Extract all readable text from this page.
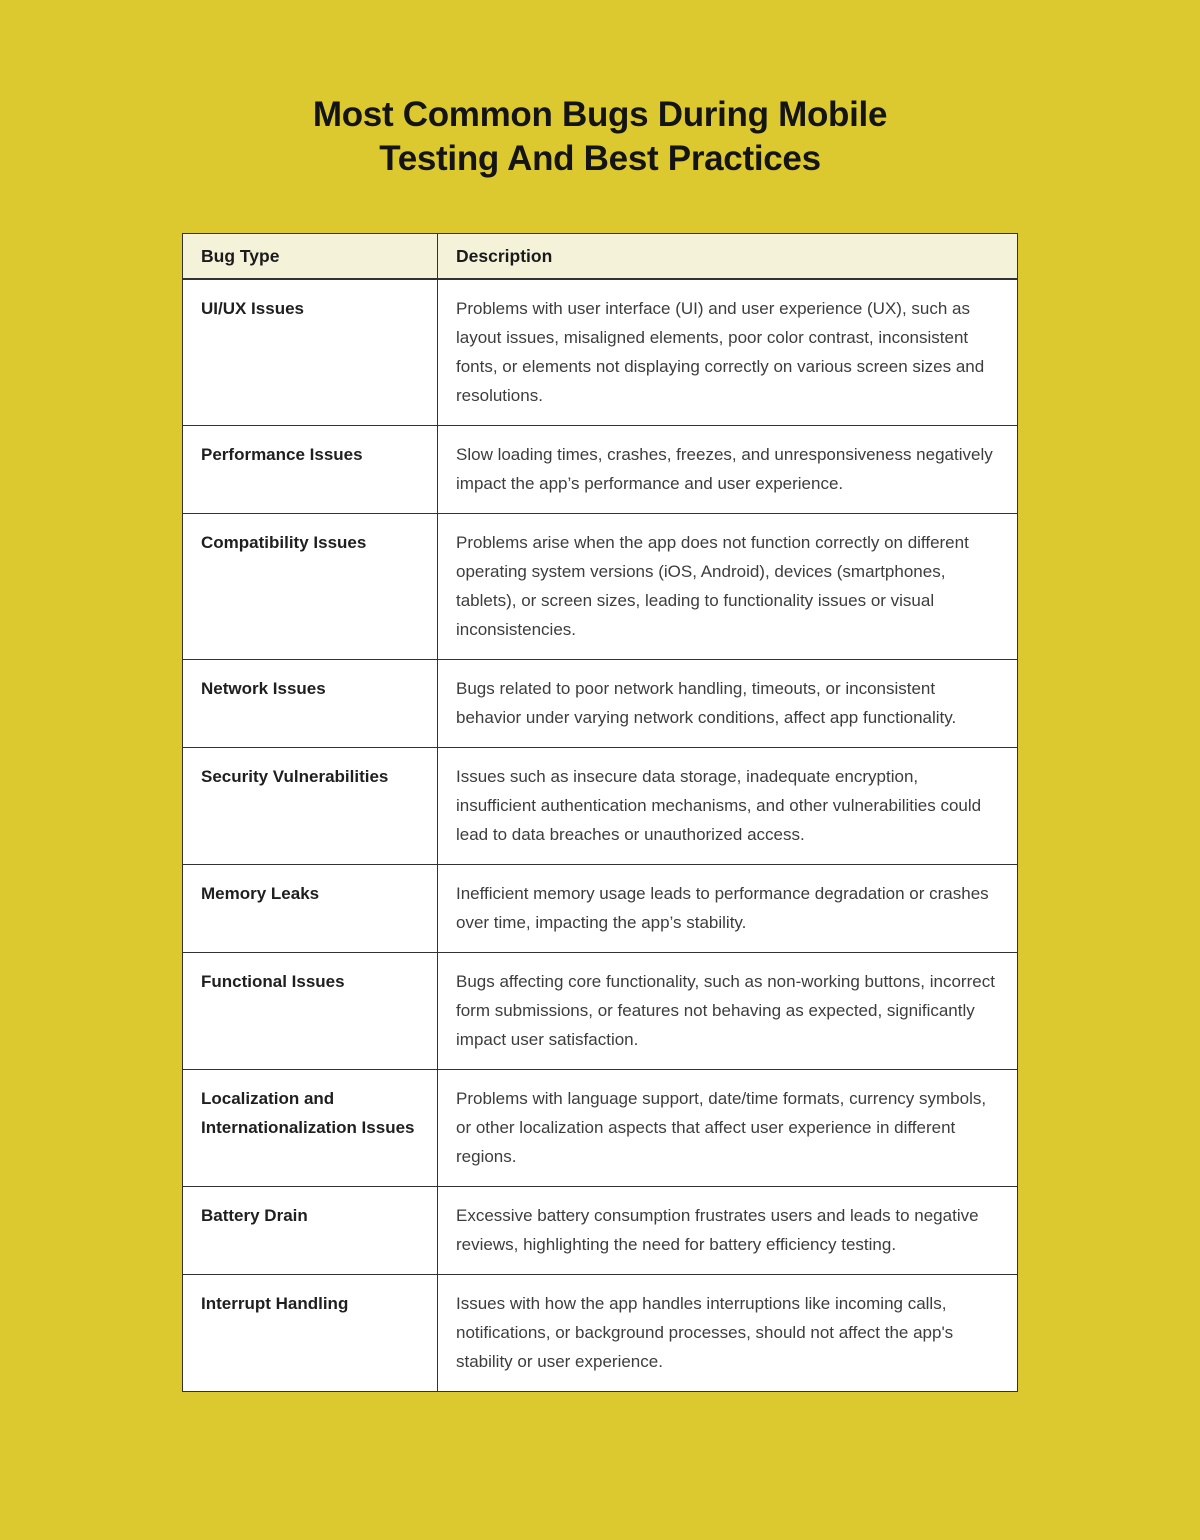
Most Common Bugs During Mobile
Testing And Best Practices
Bug Type	Description
UI/UX Issues	Problems with user interface (UI) and user experience (UX), such as layout issues, misaligned elements, poor color contrast, inconsistent fonts, or elements not displaying correctly on various screen sizes and resolutions.
Performance Issues	Slow loading times, crashes, freezes, and unresponsiveness negatively impact the app’s performance and user experience.
Compatibility Issues	Problems arise when the app does not function correctly on different operating system versions (iOS, Android), devices (smartphones, tablets), or screen sizes, leading to functionality issues or visual inconsistencies.
Network Issues	Bugs related to poor network handling, timeouts, or inconsistent behavior under varying network conditions, affect app functionality.
Security Vulnerabilities	Issues such as insecure data storage, inadequate encryption, insufficient authentication mechanisms, and other vulnerabilities could lead to data breaches or unauthorized access.
Memory Leaks	Inefficient memory usage leads to performance degradation or crashes over time, impacting the app’s stability.
Functional Issues	Bugs affecting core functionality, such as non-working buttons, incorrect form submissions, or features not behaving as expected, significantly impact user satisfaction.
Localization and Internationalization Issues	Problems with language support, date/time formats, currency symbols, or other localization aspects that affect user experience in different regions.
Battery Drain	Excessive battery consumption frustrates users and leads to negative reviews, highlighting the need for battery efficiency testing.
Interrupt Handling	Issues with how the app handles interruptions like incoming calls, notifications, or background processes, should not affect the app's stability or user experience.
